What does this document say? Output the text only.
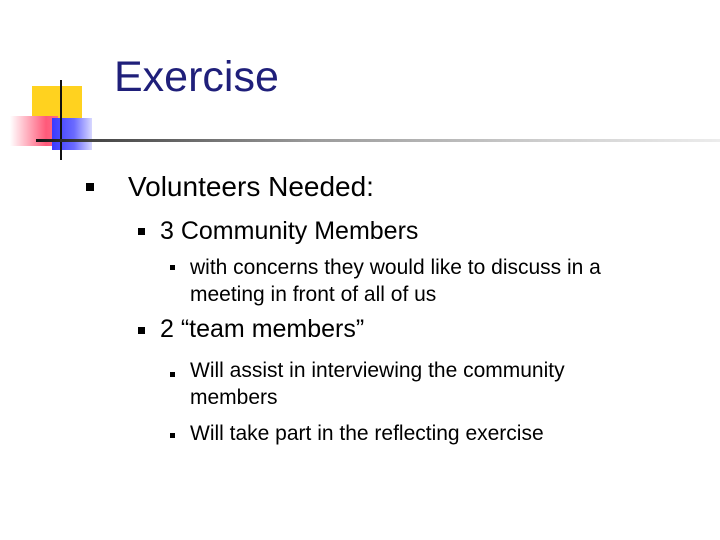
Exercise
Volunteers Needed:
3 Community Members
with concerns they would like to discuss in a
meeting in front of all of us
2 “team members”
Will assist in interviewing the community
members
Will take part in the reflecting exercise
